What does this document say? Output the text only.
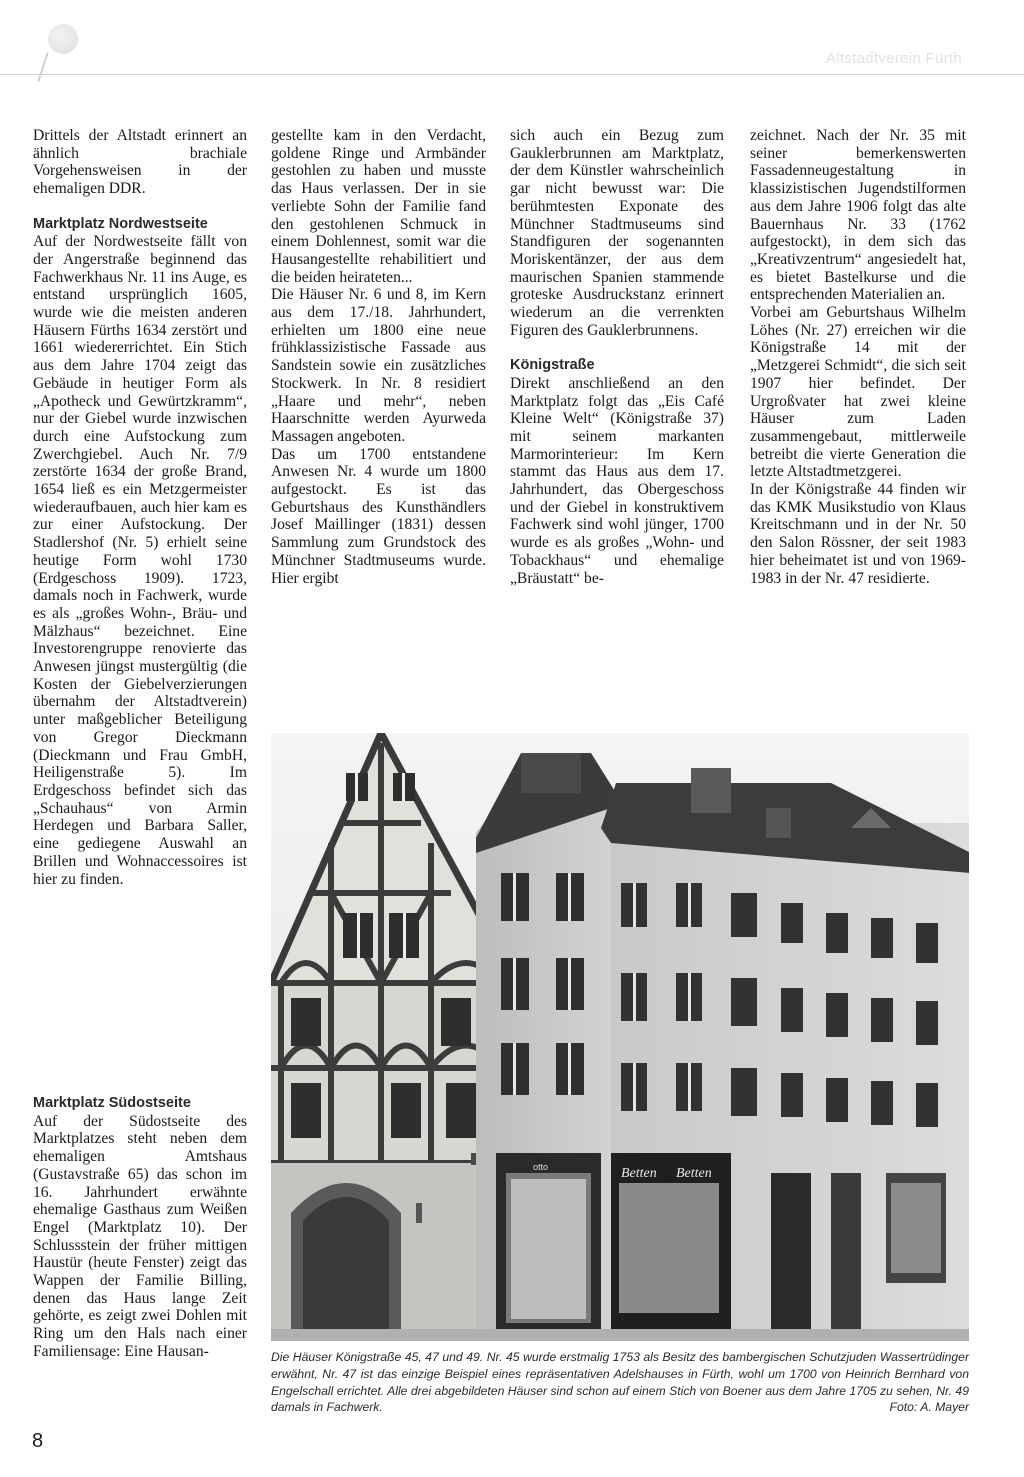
Altstadtverein Fürth

Drittels der Altstadt erinnert an ähnlich brachiale Vorgehensweisen in der ehemaligen DDR.

Marktplatz Nordwestseite

Auf der Nordwestseite fällt von der Angerstraße beginnend das Fachwerkhaus Nr. 11 ins Auge, es entstand ursprünglich 1605, wurde wie die meisten anderen Häusern Fürths 1634 zerstört und 1661 wiedererrichtet. Ein Stich aus dem Jahre 1704 zeigt das Gebäude in heutiger Form als „Apotheck und Gewürtzkramm“, nur der Giebel wurde inzwischen durch eine Aufstockung zum Zwerchgiebel. Auch Nr. 7/9 zerstörte 1634 der große Brand, 1654 ließ es ein Metzgermeister wiederaufbauen, auch hier kam es zur einer Aufstockung. Der Stadlershof (Nr. 5) erhielt seine heutige Form wohl 1730 (Erdgeschoss 1909). 1723, damals noch in Fachwerk, wurde es als „großes Wohn-, Bräu- und Mälzhaus“ bezeichnet. Eine Investorengruppe renovierte das Anwesen jüngst mustergültig (die Kosten der Giebelverzierungen übernahm der Altstadtverein) unter maßgeblicher Beteiligung von Gregor Dieckmann (Dieckmann und Frau GmbH, Heiligenstraße 5). Im Erdgeschoss befindet sich das „Schauhaus“ von Armin Herdegen und Barbara Saller, eine gediegene Auswahl an Brillen und Wohnaccessoires ist hier zu finden.

Marktplatz Südostseite

Auf der Südostseite des Marktplatzes steht neben dem ehemaligen Amtshaus (Gustavstraße 65) das schon im 16. Jahrhundert erwähnte ehemalige Gasthaus zum Weißen Engel (Marktplatz 10). Der Schlussstein der früher mittigen Haustür (heute Fenster) zeigt das Wappen der Familie Billing, denen das Haus lange Zeit gehörte, es zeigt zwei Dohlen mit Ring um den Hals nach einer Familiensage: Eine Hausan-

gestellte kam in den Verdacht, goldene Ringe und Armbänder gestohlen zu haben und musste das Haus verlassen. Der in sie verliebte Sohn der Familie fand den gestohlenen Schmuck in einem Dohlennest, somit war die Hausangestellte rehabilitiert und die beiden heirateten...

Die Häuser Nr. 6 und 8, im Kern aus dem 17./18. Jahrhundert, erhielten um 1800 eine neue frühklassizistische Fassade aus Sandstein sowie ein zusätzliches Stockwerk. In Nr. 8 residiert „Haare und mehr“, neben Haarschnitte werden Ayurweda Massagen angeboten.

Das um 1700 entstandene Anwesen Nr. 4 wurde um 1800 aufgestockt. Es ist das Geburtshaus des Kunsthändlers Josef Maillinger (1831) dessen Sammlung zum Grundstock des Münchner Stadtmuseums wurde. Hier ergibt

sich auch ein Bezug zum Gauklerbrunnen am Marktplatz, der dem Künstler wahrscheinlich gar nicht bewusst war: Die berühmtesten Exponate des Münchner Stadtmuseums sind Standfiguren der sogenannten Moriskentänzer, der aus dem maurischen Spanien stammende groteske Ausdruckstanz erinnert wiederum an die verrenkten Figuren des Gauklerbrunnens.

Königstraße

Direkt anschließend an den Marktplatz folgt das „Eis Café Kleine Welt“ (Königstraße 37) mit seinem markanten Marmorinterieur: Im Kern stammt das Haus aus dem 17. Jahrhundert, das Obergeschoss und der Giebel in konstruktivem Fachwerk sind wohl jünger, 1700 wurde es als großes „Wohn- und Tobackhaus“ und ehemalige „Bräustatt“ be-

zeichnet. Nach der Nr. 35 mit seiner bemerkenswerten Fassadenneugestaltung in klassizistischen Jugendstilformen aus dem Jahre 1906 folgt das alte Bauernhaus Nr. 33 (1762 aufgestockt), in dem sich das „Kreativzentrum“ angesiedelt hat, es bietet Bastelkurse und die entsprechenden Materialien an.

Vorbei am Geburtshaus Wilhelm Löhes (Nr. 27) erreichen wir die Königstraße 14 mit der „Metzgerei Schmidt“, die sich seit 1907 hier befindet. Der Urgroßvater hat zwei kleine Häuser zum Laden zusammengebaut, mittlerweile betreibt die vierte Generation die letzte Altstadtmetzgerei.

In der Königstraße 44 finden wir das KMK Musikstudio von Klaus Kreitschmann und in der Nr. 50 den Salon Rössner, der seit 1983 hier beheimatet ist und von 1969-1983 in der Nr. 47 residierte.

otto	Betten Betten
Die Häuser Königstraße 45, 47 und 49. Nr. 45 wurde erstmalig 1753 als Besitz des bambergischen Schutzjuden Wassertrüdinger erwähnt, Nr. 47 ist das einzige Beispiel eines repräsentativen Adelshauses in Fürth, wohl um 1700 von Heinrich Bernhard von Engelschall errichtet. Alle drei abgebildeten Häuser sind schon auf einem Stich von Boener aus dem Jahre 1705 zu sehen, Nr. 49 damals in Fachwerk.	Foto: A. Mayer
8
